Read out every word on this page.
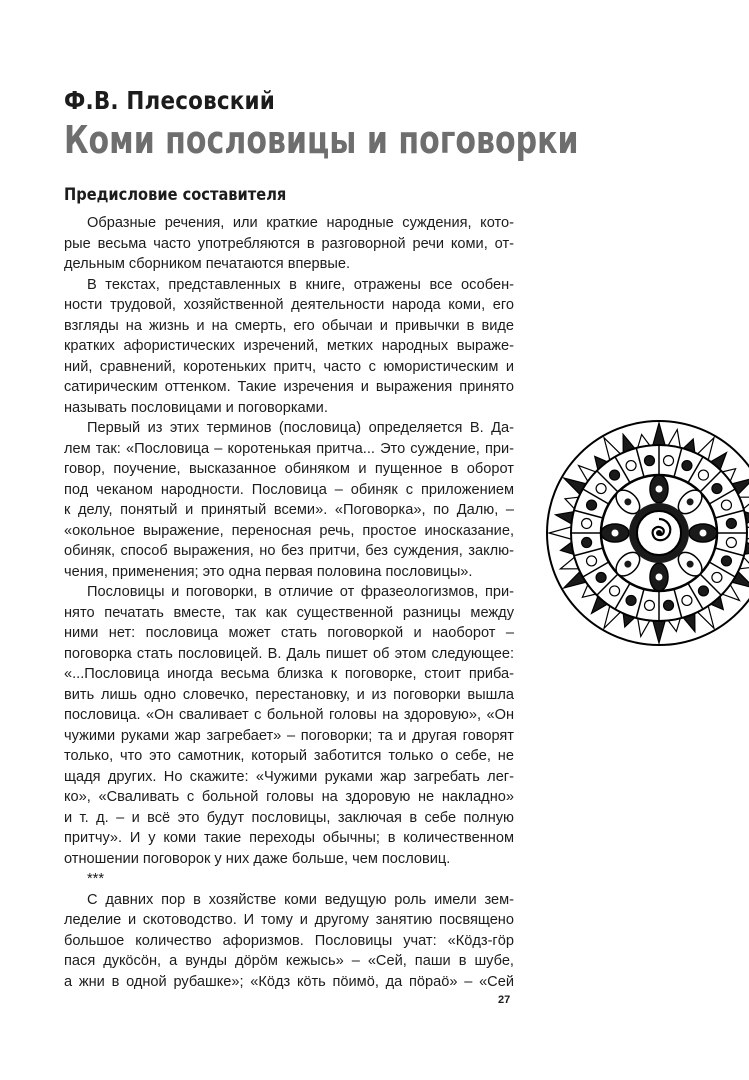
Ф.В. Плесовский
Коми пословицы и поговорки
Предисловие составителя
Образные речения, или краткие народные суждения, кото-
рые весьма часто употребляются в разговорной речи коми, от-
дельным сборником печатаются впервые.
В текстах, представленных в книге, отражены все особен-
ности трудовой, хозяйственной деятельности народа коми, его
взгляды на жизнь и на смерть, его обычаи и привычки в виде
кратких афористических изречений, метких народных выраже-
ний, сравнений, коротеньких притч, часто с юмористическим и
сатирическим оттенком. Такие изречения и выражения принято
называть пословицами и поговорками.
Первый из этих терминов (пословица) определяется В. Да-
лем так: «Пословица – коротенькая притча... Это суждение, при-
говор, поучение, высказанное обиняком и пущенное в оборот
под чеканом народности. Пословица – обиняк с приложением
к делу, понятый и принятый всеми». «Поговорка», по Далю, –
«окольное выражение, переносная речь, простое иносказание,
обиняк, способ выражения, но без притчи, без суждения, заклю-
чения, применения; это одна первая половина пословицы».
Пословицы и поговорки, в отличие от фразеологизмов, при-
нято печатать вместе, так как существенной разницы между
ними нет: пословица может стать поговоркой и наоборот –
поговорка стать пословицей. В. Даль пишет об этом следующее:
«...Пословица иногда весьма близка к поговорке, стоит приба-
вить лишь одно словечко, перестановку, и из поговорки вышла
пословица. «Он сваливает с больной головы на здоровую», «Он
чужими руками жар загребает» – поговорки; та и другая говорят
только, что это самотник, который заботится только о себе, не
щадя других. Но скажите: «Чужими руками жар загребать лег-
ко», «Сваливать с больной головы на здоровую не накладно»
и т. д. – и всё это будут пословицы, заключая в себе полную
притчу». И у коми такие переходы обычны; в количественном
отношении поговорок у них даже больше, чем пословиц.
***
С давних пор в хозяйстве коми ведущую роль имели зем-
леделие и скотоводство. И тому и другому занятию посвящено
большое количество афоризмов. Пословицы учат: «Кӧдз-гӧр
пася дукӧсӧн, а вунды дӧрӧм кежысь» – «Сей, паши в шубе,
а жни в одной рубашке»; «Кӧдз кӧть пӧимӧ, да пӧраӧ» – «Сей
27
